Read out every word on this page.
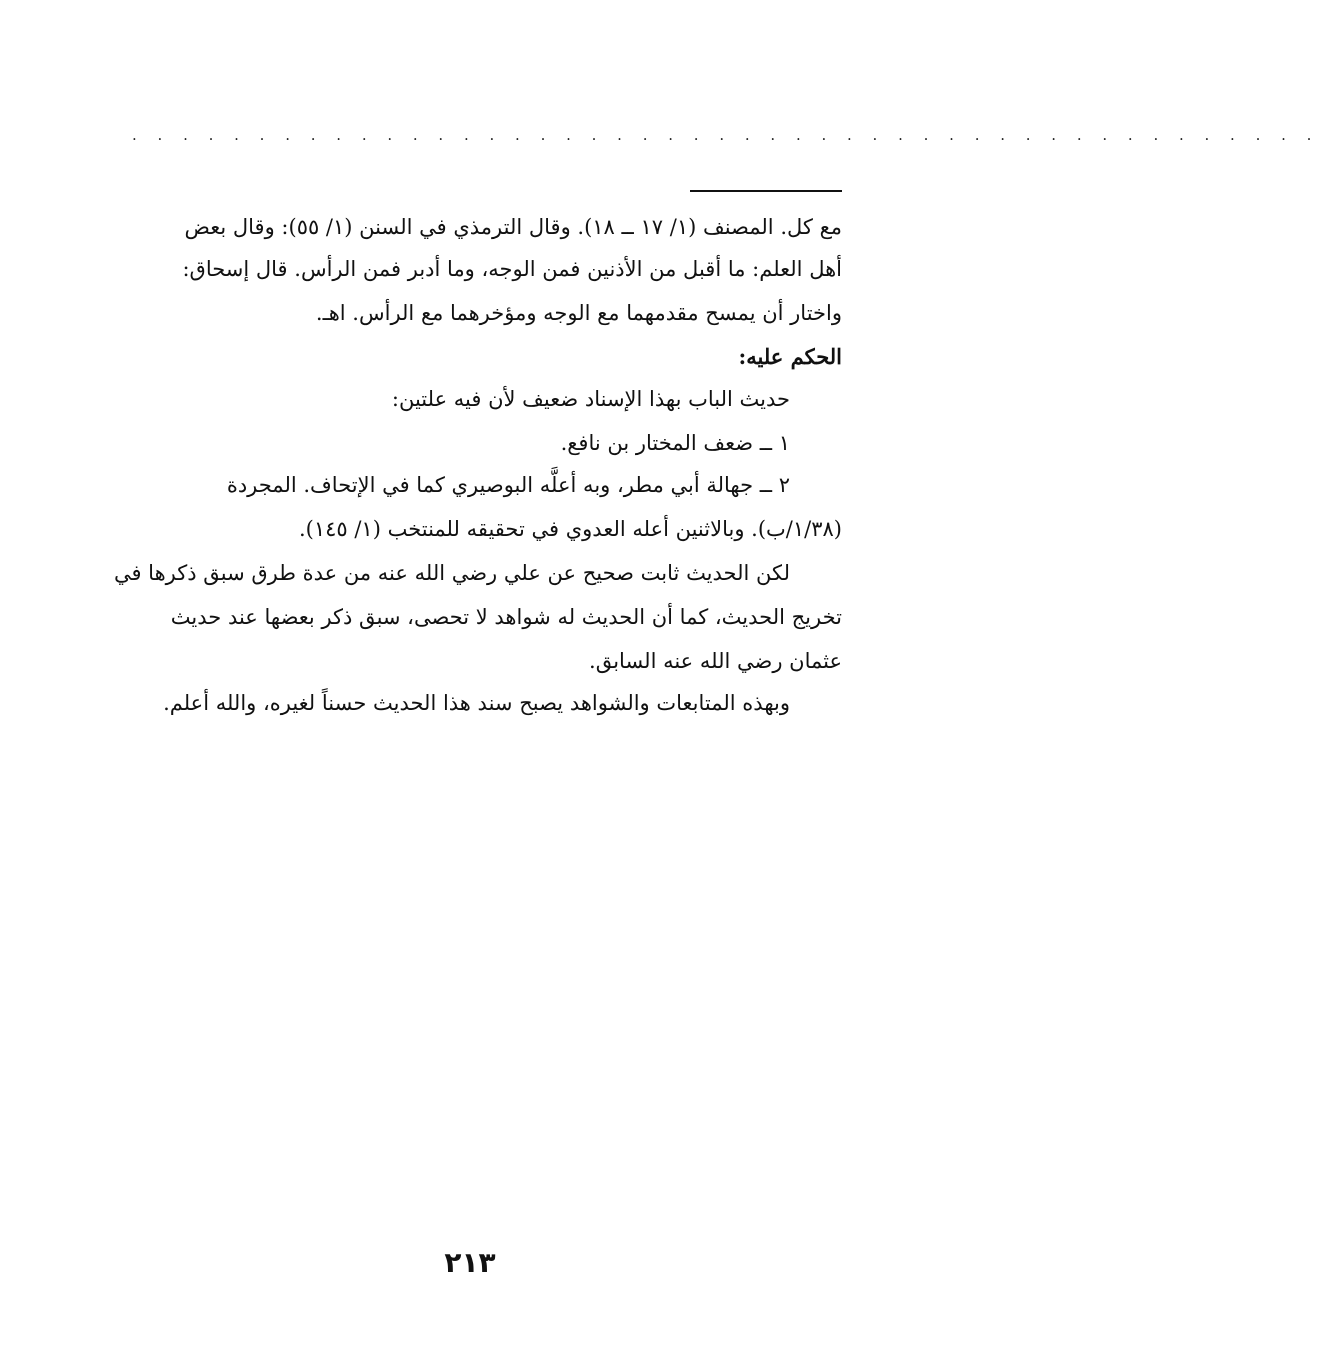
. . . . . . . . . . . . . . . . . . . . . . . . . . . . . . . . . . . . . . . . . . . . . . .
مع كل. المصنف (١/ ١٧ ــ ١٨). وقال الترمذي في السنن (١/ ٥٥): وقال بعض
أهل العلم: ما أقبل من الأذنين فمن الوجه، وما أدبر فمن الرأس. قال إسحاق:
واختار أن يمسح مقدمهما مع الوجه ومؤخرهما مع الرأس. اهـ.
الحكم عليه:
حديث الباب بهذا الإسناد ضعيف لأن فيه علتين:
١ ــ ضعف المختار بن نافع.
٢ ــ جهالة أبي مطر، وبه أعلَّه البوصيري كما في الإتحاف. المجردة
(١/٣٨/ب). وبالاثنين أعله العدوي في تحقيقه للمنتخب (١/ ١٤٥).
لكن الحديث ثابت صحيح عن علي رضي الله عنه من عدة طرق سبق ذكرها في
تخريج الحديث، كما أن الحديث له شواهد لا تحصى، سبق ذكر بعضها عند حديث
عثمان رضي الله عنه السابق.
وبهذه المتابعات والشواهد يصبح سند هذا الحديث حسناً لغيره، والله أعلم.
٢١٣
